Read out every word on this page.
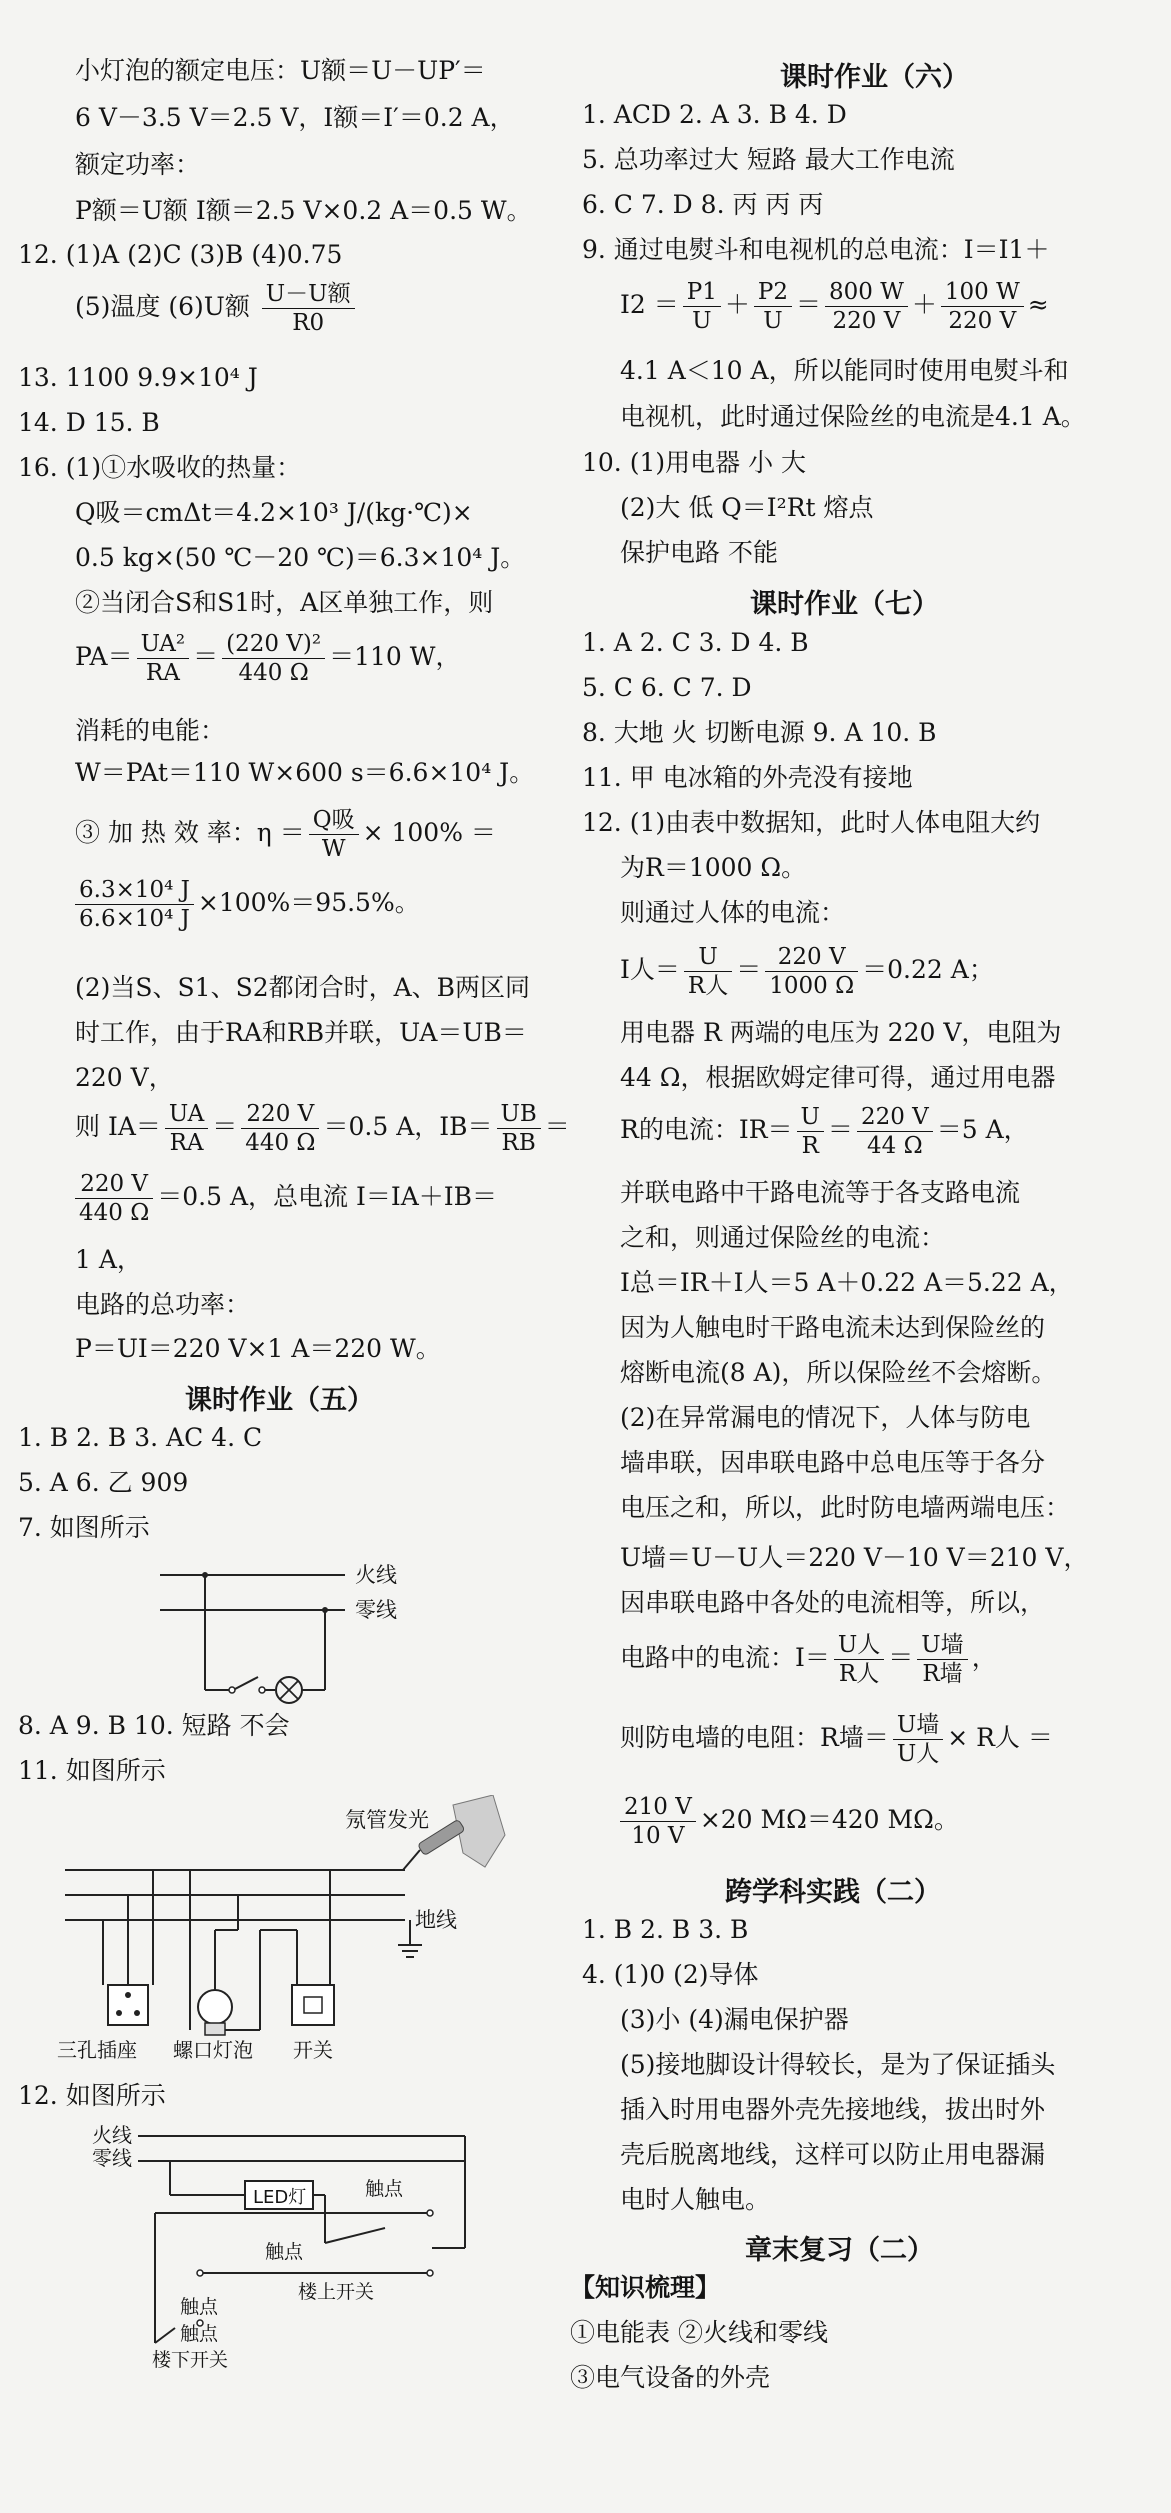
小灯泡的额定电压：U额＝U－UP′＝
6 V－3.5 V＝2.5 V，I额＝I′＝0.2 A，
额定功率：
P额＝U额 I额＝2.5 V×0.2 A＝0.5 W。
12. (1)A (2)C (3)B (4)0.75
(5)温度 (6)U额 $\frac{\text{U－U额}}{R0}$
13. 1100 9.9×10⁴ J
14. D 15. B
16. (1)①水吸收的热量：
Q吸＝cmΔt＝4.2×10³ J/(kg·℃)×
0.5 kg×(50 ℃－20 ℃)＝6.3×10⁴ J。
②当闭合S和S1时，A区单独工作，则
$PA= \frac{\text{UA²}}{RA} = \frac{\text{(220 V)²}}{440 \Omega} =110$ W，
消耗的电能：
W＝PAt＝110 W×600 s＝6.6×10⁴ J。
③ 加 热 效 率：$\eta = \frac{\text{Q吸}}{W} \times 100\%$ ＝
$\frac{\text{6.3×10⁴ J}}{\text{6.6×10⁴ J}} \times 100\%=95.5\%$。
(2)当S、S1、S2都闭合时，A、B两区同
时工作，由于RA和RB并联，UA＝UB＝
220 V，
则 $IA= \frac{UA}{RA} = \frac{220 V}{440 \Omega} =0.5$ A，$IB= \frac{UB}{RB}$ ＝
$\frac{220 V}{440 \Omega} =0.5$ A，总电流 I＝IA＋IB＝
1 A，
电路的总功率：
P＝UI＝220 V×1 A＝220 W。
课时作业（五）
1. B 2. B 3. AC 4. C
5. A 6. 乙 909
7. 如图所示
火线
零线
8. A 9. B 10. 短路 不会
11. 如图所示
氖管发光
地线
三孔插座 螺口灯泡 开关
12. 如图所示
火线
零线
LED灯	触点
触点
楼上开关
触点
触点
楼下开关
课时作业（六）
1. ACD 2. A 3. B 4. D
5. 总功率过大 短路 最大工作电流
6. C 7. D 8. 丙 丙 丙
9. 通过电熨斗和电视机的总电流：I＝I1＋
$I2 = \frac{P1}{U} + \frac{P2}{U} = \frac{800 W}{220 V} + \frac{100 W}{220 V}$ ≈
4.1 A＜10 A，所以能同时使用电熨斗和
电视机，此时通过保险丝的电流是4.1 A。
10. (1)用电器 小 大
(2)大 低 Q＝I²Rt 熔点
保护电路 不能
课时作业（七）
1. A 2. C 3. D 4. B
5. C 6. C 7. D
8. 大地 火 切断电源 9. A 10. B
11. 甲 电冰箱的外壳没有接地
12. (1)由表中数据知，此时人体电阻大约
为R＝1000 Ω。
则通过人体的电流：
I人＝ $\frac{U}{\text{R人}} = \frac{220 V}{1000 \Omega} =0.22$ A；
用电器 R 两端的电压为 220 V，电阻为
44 Ω，根据欧姆定律可得，通过用电器
R的电流：$IR= \frac{U}{R} = \frac{220 V}{44 \Omega} =5$ A，
并联电路中干路电流等于各支路电流
之和，则通过保险丝的电流：
I总＝IR＋I人＝5 A＋0.22 A＝5.22 A，
因为人触电时干路电流未达到保险丝的
熔断电流(8 A)，所以保险丝不会熔断。
(2)在异常漏电的情况下，人体与防电
墙串联，因串联电路中总电压等于各分
电压之和，所以，此时防电墙两端电压：
U墙＝U－U人＝220 V－10 V＝210 V，
因串联电路中各处的电流相等，所以，
电路中的电流：$I= \frac{\text{U人}}{\text{R人}} = \frac{\text{U墙}}{\text{R墙}}$ ，
则防电墙的电阻：R墙＝ $\frac{\text{U墙}}{\text{U人}} \times R$人 ＝
$\frac{210 V}{10 V} \times 20$ MΩ＝420 MΩ。
跨学科实践（二）
1. B 2. B 3. B
4. (1)0 (2)导体
(3)小 (4)漏电保护器
(5)接地脚设计得较长，是为了保证插头
插入时用电器外壳先接地线，拔出时外
壳后脱离地线，这样可以防止用电器漏
电时人触电。
章末复习（二）
【知识梳理】
①电能表 ②火线和零线
③电气设备的外壳
